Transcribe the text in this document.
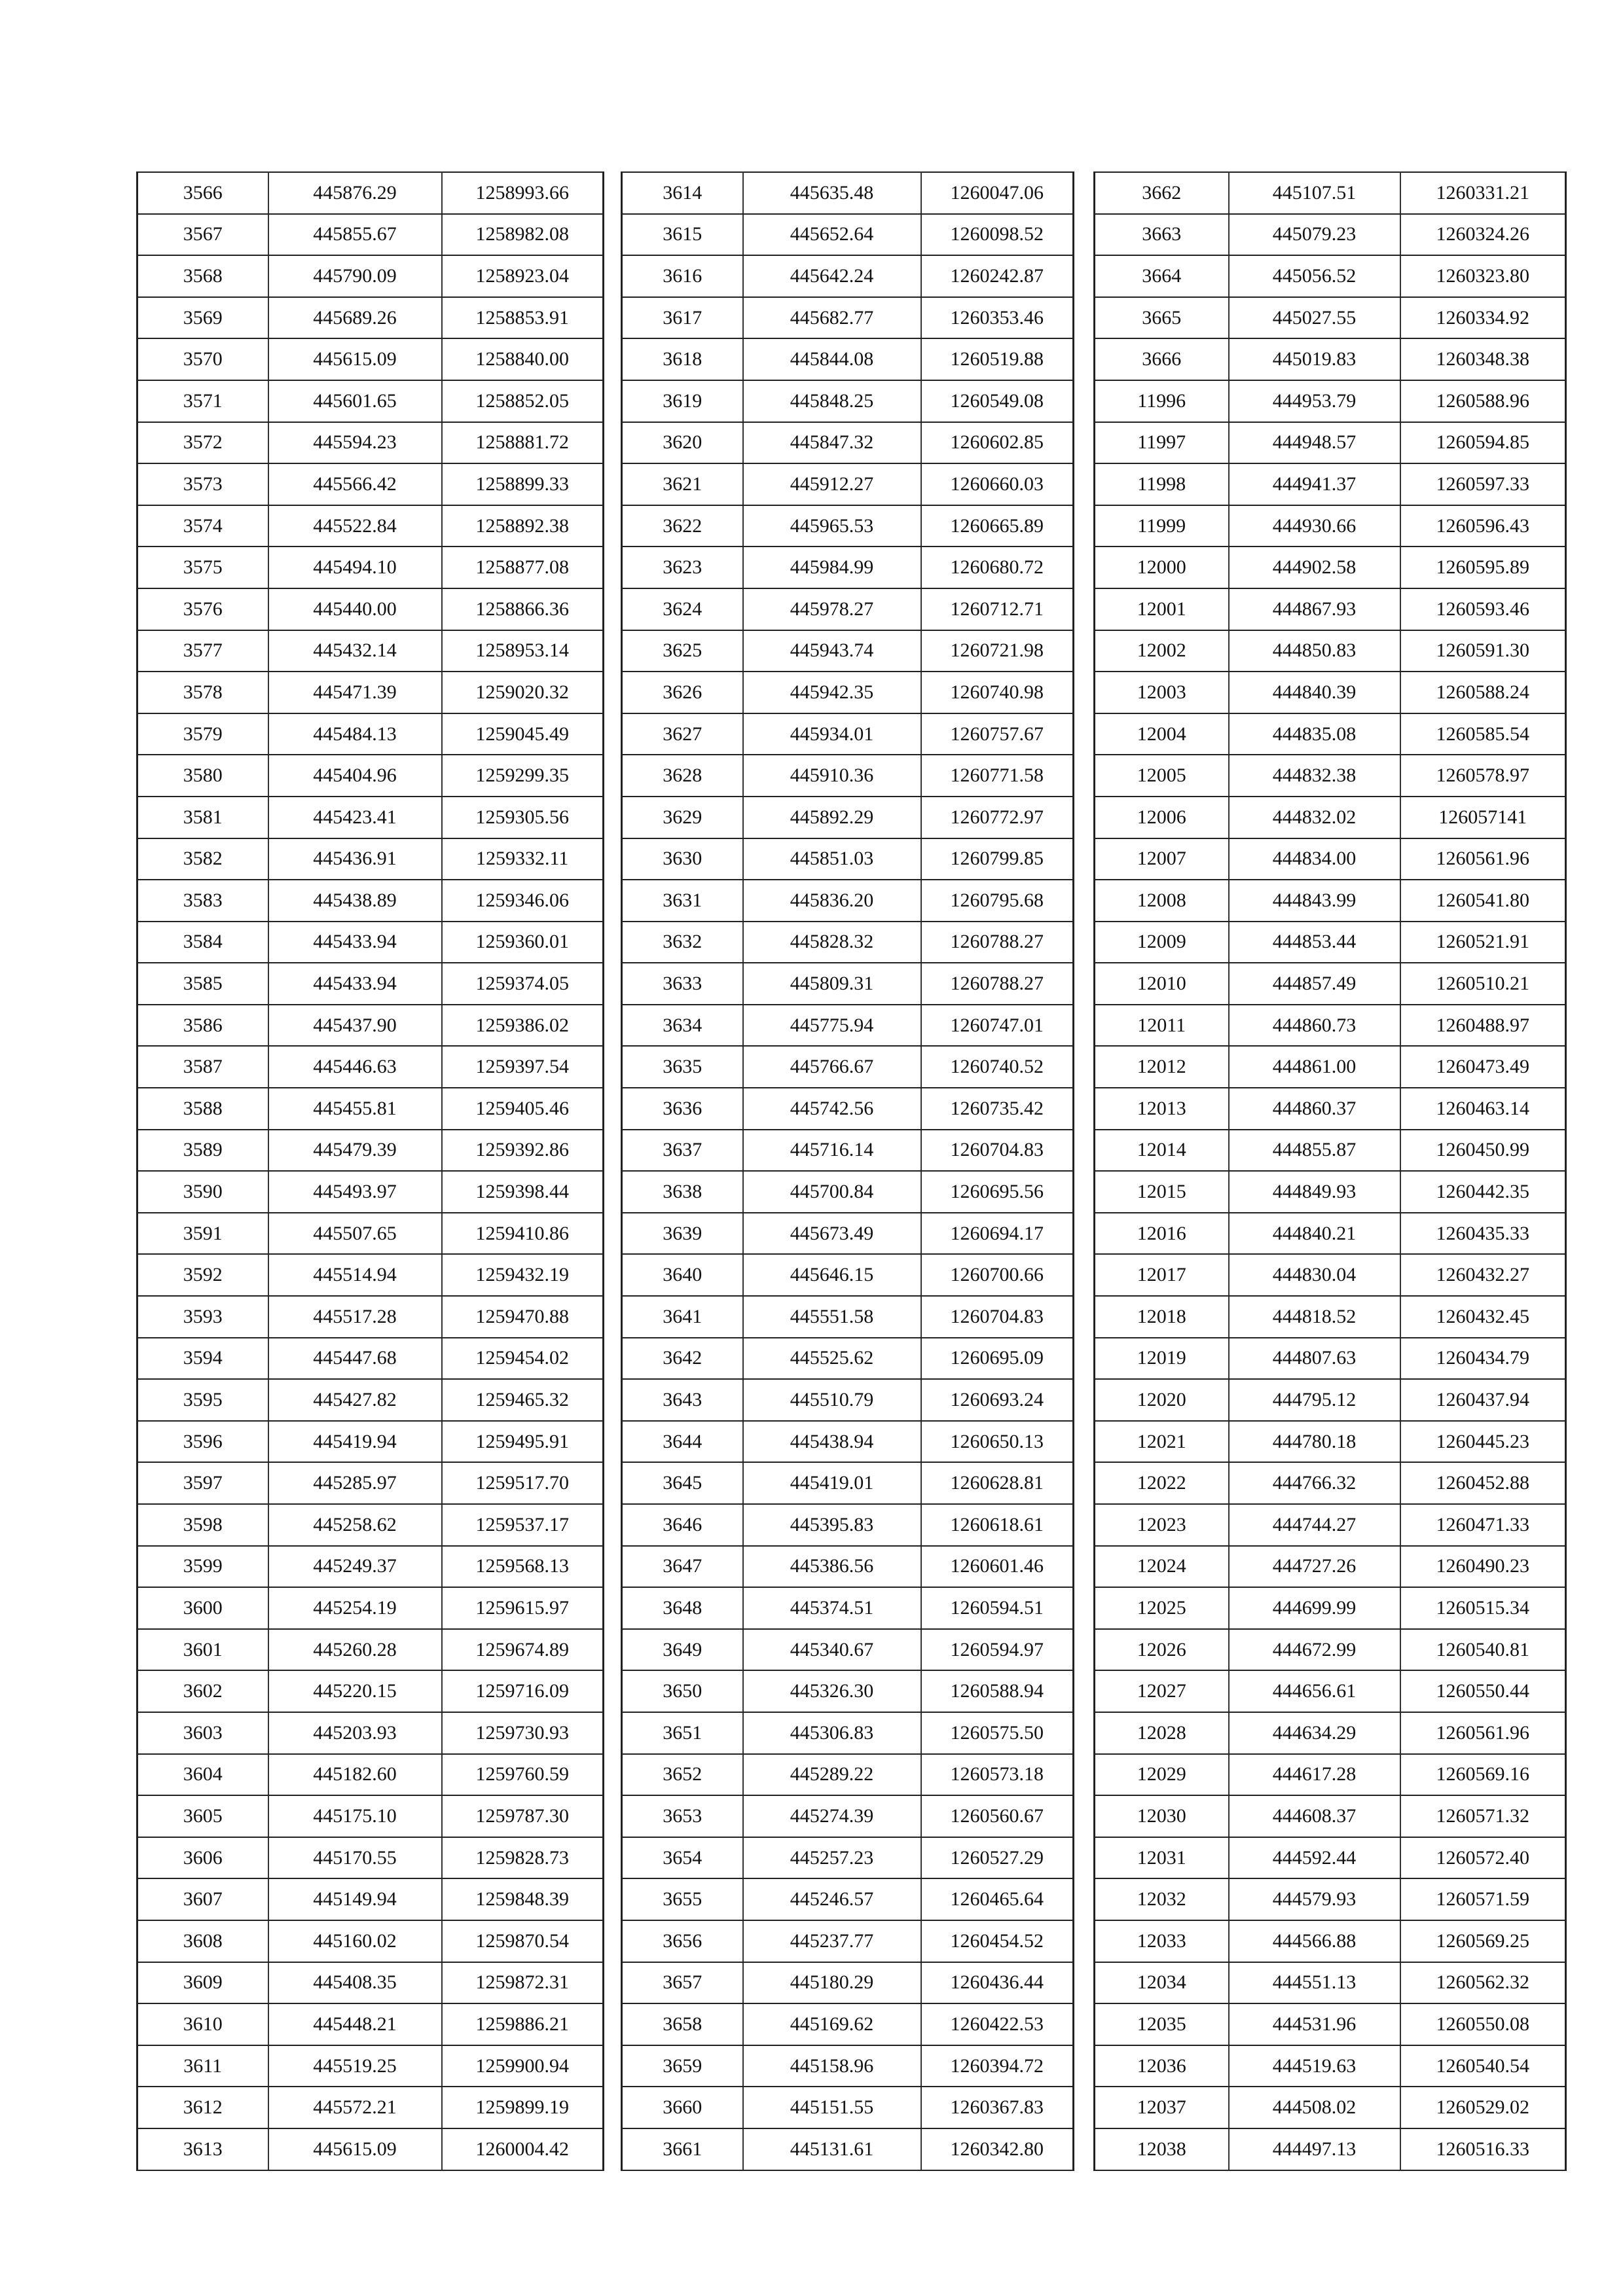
3566	445876.29	1258993.66
3567	445855.67	1258982.08
3568	445790.09	1258923.04
3569	445689.26	1258853.91
3570	445615.09	1258840.00
3571	445601.65	1258852.05
3572	445594.23	1258881.72
3573	445566.42	1258899.33
3574	445522.84	1258892.38
3575	445494.10	1258877.08
3576	445440.00	1258866.36
3577	445432.14	1258953.14
3578	445471.39	1259020.32
3579	445484.13	1259045.49
3580	445404.96	1259299.35
3581	445423.41	1259305.56
3582	445436.91	1259332.11
3583	445438.89	1259346.06
3584	445433.94	1259360.01
3585	445433.94	1259374.05
3586	445437.90	1259386.02
3587	445446.63	1259397.54
3588	445455.81	1259405.46
3589	445479.39	1259392.86
3590	445493.97	1259398.44
3591	445507.65	1259410.86
3592	445514.94	1259432.19
3593	445517.28	1259470.88
3594	445447.68	1259454.02
3595	445427.82	1259465.32
3596	445419.94	1259495.91
3597	445285.97	1259517.70
3598	445258.62	1259537.17
3599	445249.37	1259568.13
3600	445254.19	1259615.97
3601	445260.28	1259674.89
3602	445220.15	1259716.09
3603	445203.93	1259730.93
3604	445182.60	1259760.59
3605	445175.10	1259787.30
3606	445170.55	1259828.73
3607	445149.94	1259848.39
3608	445160.02	1259870.54
3609	445408.35	1259872.31
3610	445448.21	1259886.21
3611	445519.25	1259900.94
3612	445572.21	1259899.19
3613	445615.09	1260004.42
3614	445635.48	1260047.06
3615	445652.64	1260098.52
3616	445642.24	1260242.87
3617	445682.77	1260353.46
3618	445844.08	1260519.88
3619	445848.25	1260549.08
3620	445847.32	1260602.85
3621	445912.27	1260660.03
3622	445965.53	1260665.89
3623	445984.99	1260680.72
3624	445978.27	1260712.71
3625	445943.74	1260721.98
3626	445942.35	1260740.98
3627	445934.01	1260757.67
3628	445910.36	1260771.58
3629	445892.29	1260772.97
3630	445851.03	1260799.85
3631	445836.20	1260795.68
3632	445828.32	1260788.27
3633	445809.31	1260788.27
3634	445775.94	1260747.01
3635	445766.67	1260740.52
3636	445742.56	1260735.42
3637	445716.14	1260704.83
3638	445700.84	1260695.56
3639	445673.49	1260694.17
3640	445646.15	1260700.66
3641	445551.58	1260704.83
3642	445525.62	1260695.09
3643	445510.79	1260693.24
3644	445438.94	1260650.13
3645	445419.01	1260628.81
3646	445395.83	1260618.61
3647	445386.56	1260601.46
3648	445374.51	1260594.51
3649	445340.67	1260594.97
3650	445326.30	1260588.94
3651	445306.83	1260575.50
3652	445289.22	1260573.18
3653	445274.39	1260560.67
3654	445257.23	1260527.29
3655	445246.57	1260465.64
3656	445237.77	1260454.52
3657	445180.29	1260436.44
3658	445169.62	1260422.53
3659	445158.96	1260394.72
3660	445151.55	1260367.83
3661	445131.61	1260342.80
3662	445107.51	1260331.21
3663	445079.23	1260324.26
3664	445056.52	1260323.80
3665	445027.55	1260334.92
3666	445019.83	1260348.38
11996	444953.79	1260588.96
11997	444948.57	1260594.85
11998	444941.37	1260597.33
11999	444930.66	1260596.43
12000	444902.58	1260595.89
12001	444867.93	1260593.46
12002	444850.83	1260591.30
12003	444840.39	1260588.24
12004	444835.08	1260585.54
12005	444832.38	1260578.97
12006	444832.02	126057141
12007	444834.00	1260561.96
12008	444843.99	1260541.80
12009	444853.44	1260521.91
12010	444857.49	1260510.21
12011	444860.73	1260488.97
12012	444861.00	1260473.49
12013	444860.37	1260463.14
12014	444855.87	1260450.99
12015	444849.93	1260442.35
12016	444840.21	1260435.33
12017	444830.04	1260432.27
12018	444818.52	1260432.45
12019	444807.63	1260434.79
12020	444795.12	1260437.94
12021	444780.18	1260445.23
12022	444766.32	1260452.88
12023	444744.27	1260471.33
12024	444727.26	1260490.23
12025	444699.99	1260515.34
12026	444672.99	1260540.81
12027	444656.61	1260550.44
12028	444634.29	1260561.96
12029	444617.28	1260569.16
12030	444608.37	1260571.32
12031	444592.44	1260572.40
12032	444579.93	1260571.59
12033	444566.88	1260569.25
12034	444551.13	1260562.32
12035	444531.96	1260550.08
12036	444519.63	1260540.54
12037	444508.02	1260529.02
12038	444497.13	1260516.33
